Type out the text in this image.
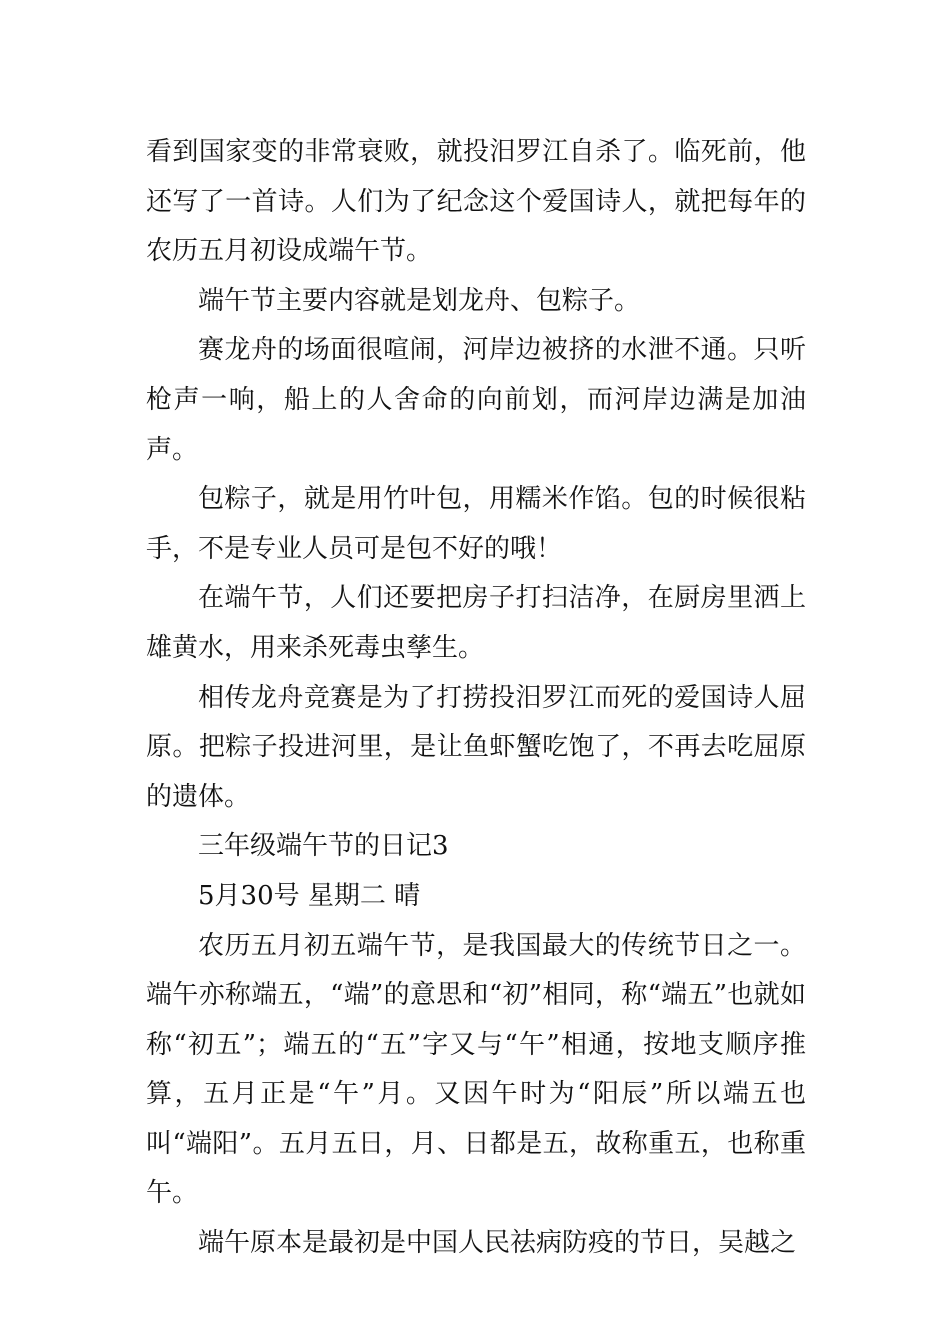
看到国家变的非常衰败，就投汨罗江自杀了。临死前，他还写了一首诗。人们为了纪念这个爱国诗人，就把每年的农历五月初设成端午节。

端午节主要内容就是划龙舟、包粽子。

赛龙舟的场面很喧闹，河岸边被挤的水泄不通。只听枪声一响，船上的人舍命的向前划，而河岸边满是加油声。

包粽子，就是用竹叶包，用糯米作馅。包的时候很粘手，不是专业人员可是包不好的哦！

在端午节，人们还要把房子打扫洁净，在厨房里洒上雄黄水，用来杀死毒虫孳生。

相传龙舟竞赛是为了打捞投汨罗江而死的爱国诗人屈原。把粽子投进河里，是让鱼虾蟹吃饱了，不再去吃屈原的遗体。

三年级端午节的日记3

5月30号 星期二 晴

农历五月初五端午节，是我国最大的传统节日之一。端午亦称端五，“端”的意思和“初”相同，称“端五”也就如称“初五”；端五的“五”字又与“午”相通，按地支顺序推算，五月正是“午”月。又因午时为“阳辰”所以端五也叫“端阳”。五月五日，月、日都是五，故称重五，也称重午。

端午原本是最初是中国人民祛病防疫的节日，吴越之
